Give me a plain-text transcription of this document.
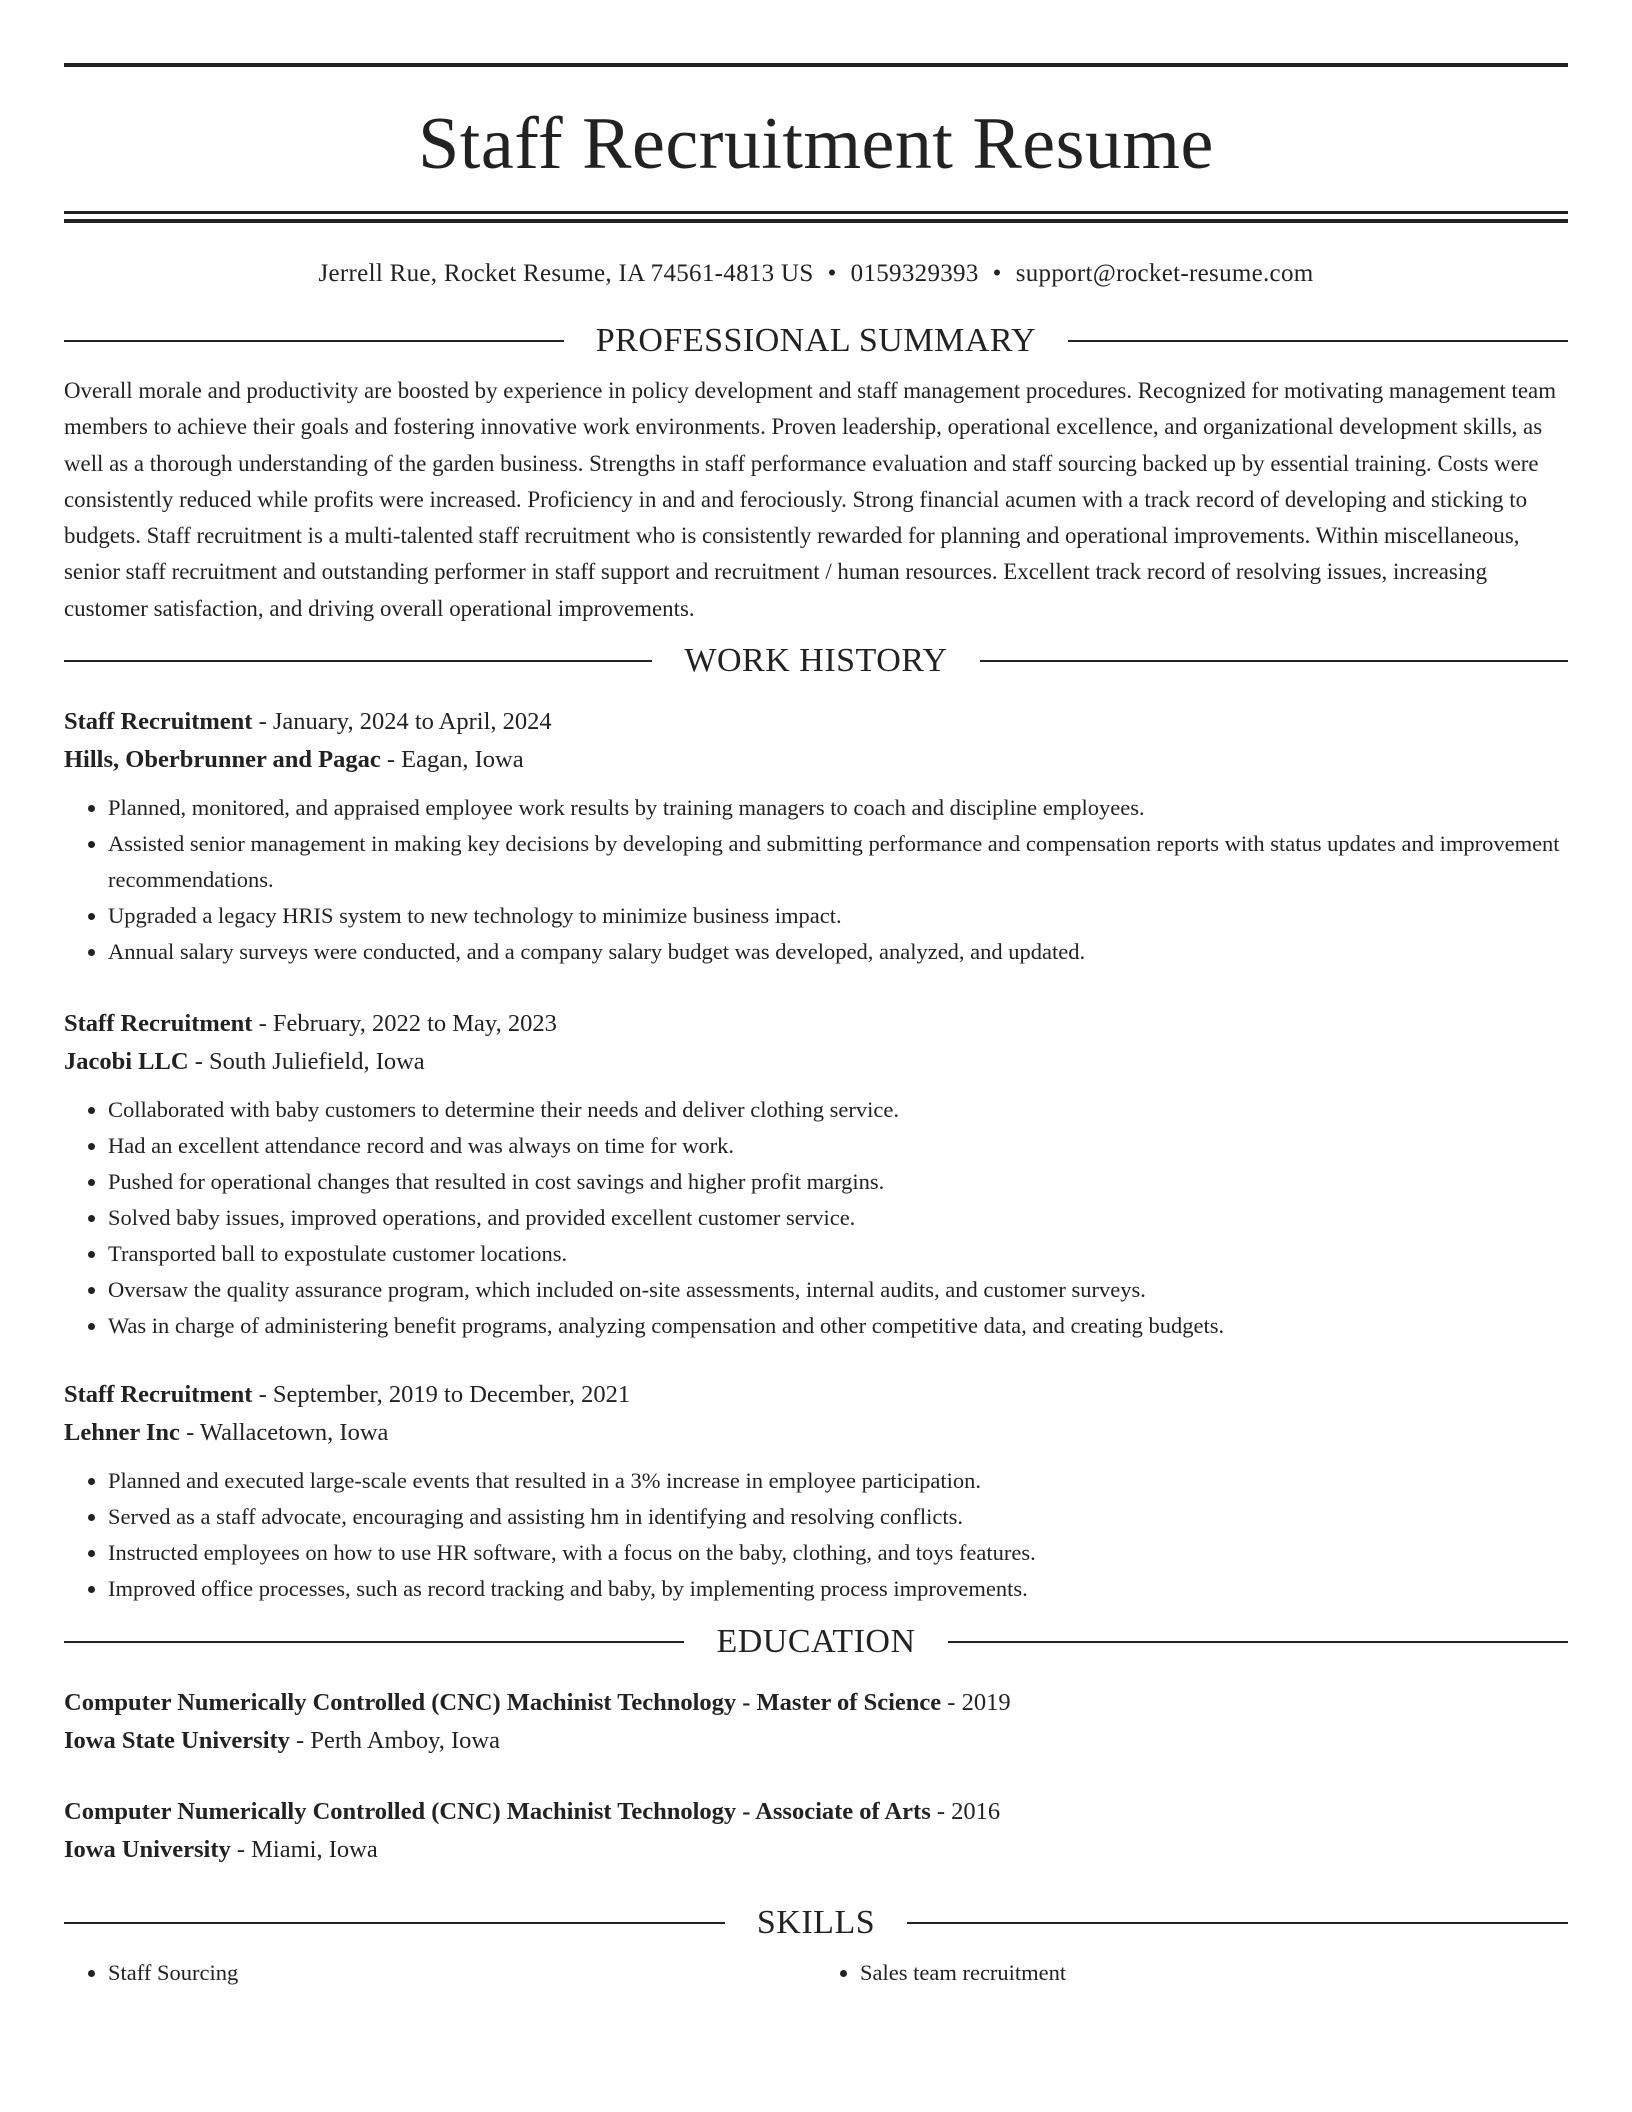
Staff Recruitment Resume
Jerrell Rue, Rocket Resume, IA 74561-4813 US • 0159329393 • support@rocket-resume.com
PROFESSIONAL SUMMARY

Overall morale and productivity are boosted by experience in policy development and staff management procedures. Recognized for motivating management team members to achieve their goals and fostering innovative work environments. Proven leadership, operational excellence, and organizational development skills, as well as a thorough understanding of the garden business. Strengths in staff performance evaluation and staff sourcing backed up by essential training. Costs were consistently reduced while profits were increased. Proficiency in and and ferociously. Strong financial acumen with a track record of developing and sticking to budgets. Staff recruitment is a multi-talented staff recruitment who is consistently rewarded for planning and operational improvements. Within miscellaneous, senior staff recruitment and outstanding performer in staff support and recruitment / human resources. Excellent track record of resolving issues, increasing customer satisfaction, and driving overall operational improvements.

WORK HISTORY

Staff Recruitment - January, 2024 to April, 2024

Hills, Oberbrunner and Pagac - Eagan, Iowa

• Planned, monitored, and appraised employee work results by training managers to coach and discipline employees.
• Assisted senior management in making key decisions by developing and submitting performance and compensation reports with status updates and improvement recommendations.
• Upgraded a legacy HRIS system to new technology to minimize business impact.
• Annual salary surveys were conducted, and a company salary budget was developed, analyzed, and updated.

Staff Recruitment - February, 2022 to May, 2023

Jacobi LLC - South Juliefield, Iowa

• Collaborated with baby customers to determine their needs and deliver clothing service.
• Had an excellent attendance record and was always on time for work.
• Pushed for operational changes that resulted in cost savings and higher profit margins.
• Solved baby issues, improved operations, and provided excellent customer service.
• Transported ball to expostulate customer locations.
• Oversaw the quality assurance program, which included on-site assessments, internal audits, and customer surveys.
• Was in charge of administering benefit programs, analyzing compensation and other competitive data, and creating budgets.

Staff Recruitment - September, 2019 to December, 2021

Lehner Inc - Wallacetown, Iowa

• Planned and executed large-scale events that resulted in a 3% increase in employee participation.
• Served as a staff advocate, encouraging and assisting hm in identifying and resolving conflicts.
• Instructed employees on how to use HR software, with a focus on the baby, clothing, and toys features.
• Improved office processes, such as record tracking and baby, by implementing process improvements.
EDUCATION

Computer Numerically Controlled (CNC) Machinist Technology - Master of Science - 2019

Iowa State University - Perth Amboy, Iowa

Computer Numerically Controlled (CNC) Machinist Technology - Associate of Arts - 2016

Iowa University - Miami, Iowa

SKILLS
• Staff Sourcing
•	Sales team recruitment
